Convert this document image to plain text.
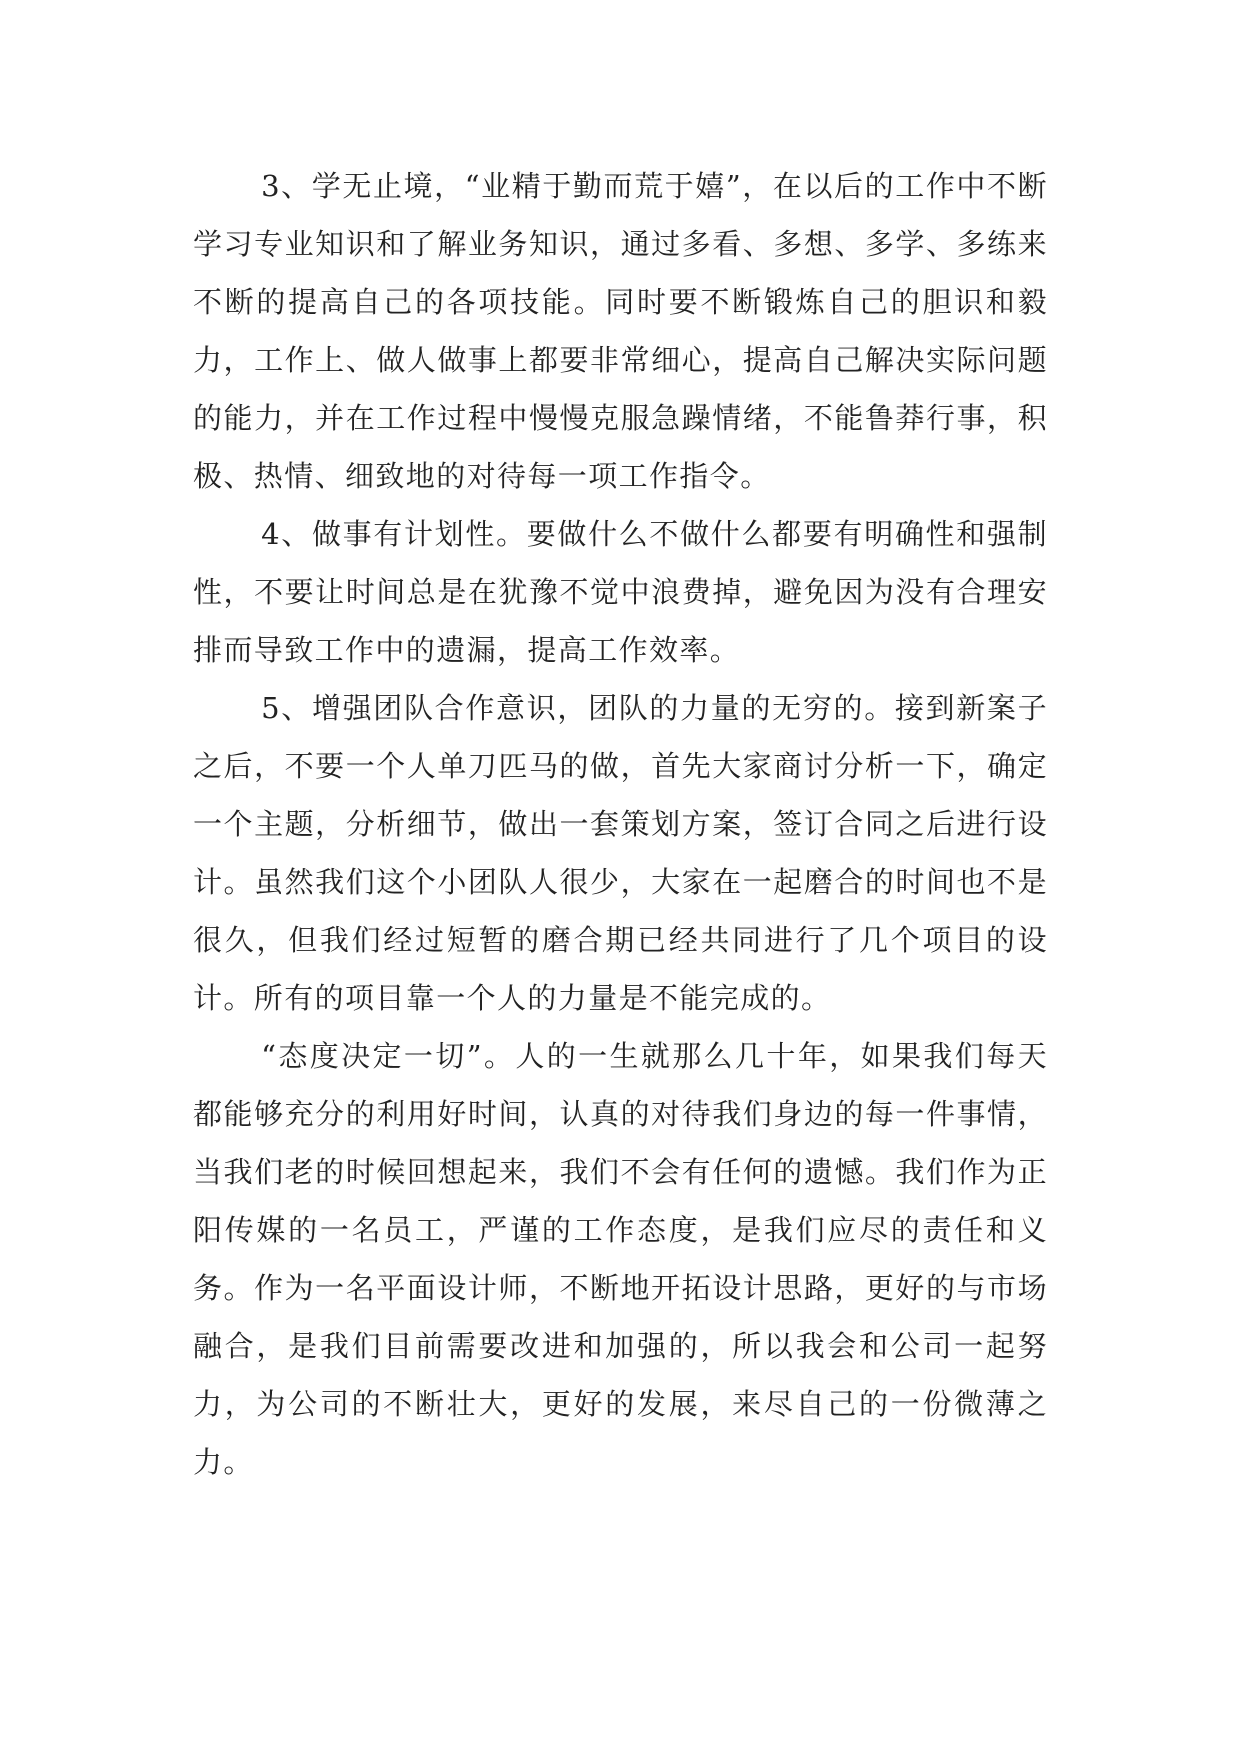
3、学无止境，“业精于勤而荒于嬉”，在以后的工作中不断学习专业知识和了解业务知识，通过多看、多想、多学、多练来不断的提高自己的各项技能。同时要不断锻炼自己的胆识和毅力，工作上、做人做事上都要非常细心，提高自己解决实际问题的能力，并在工作过程中慢慢克服急躁情绪，不能鲁莽行事，积极、热情、细致地的对待每一项工作指令。

4、做事有计划性。要做什么不做什么都要有明确性和强制性，不要让时间总是在犹豫不觉中浪费掉，避免因为没有合理安排而导致工作中的遗漏，提高工作效率。

5、增强团队合作意识，团队的力量的无穷的。接到新案子之后，不要一个人单刀匹马的做，首先大家商讨分析一下，确定一个主题，分析细节，做出一套策划方案，签订合同之后进行设计。虽然我们这个小团队人很少，大家在一起磨合的时间也不是很久，但我们经过短暂的磨合期已经共同进行了几个项目的设计。所有的项目靠一个人的力量是不能完成的。

“态度决定一切”。人的一生就那么几十年，如果我们每天都能够充分的利用好时间，认真的对待我们身边的每一件事情，当我们老的时候回想起来，我们不会有任何的遗憾。我们作为正阳传媒的一名员工，严谨的工作态度，是我们应尽的责任和义务。作为一名平面设计师，不断地开拓设计思路，更好的与市场融合，是我们目前需要改进和加强的，所以我会和公司一起努力，为公司的不断壮大，更好的发展，来尽自己的一份微薄之力。
